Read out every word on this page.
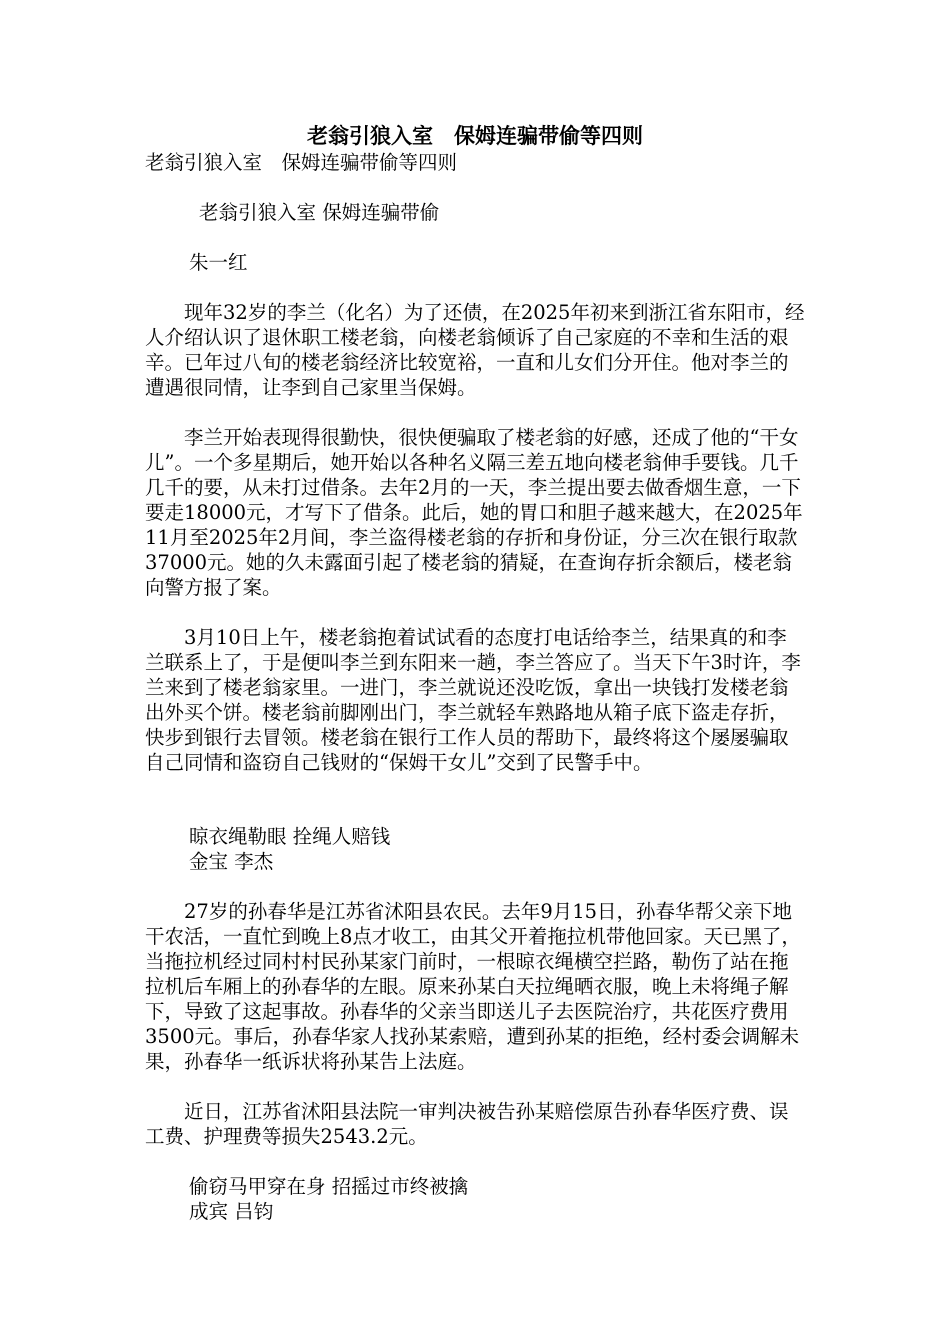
老翁引狼入室　保姆连骗带偷等四则
老翁引狼入室　保姆连骗带偷等四则
老翁引狼入室 保姆连骗带偷
朱一红

现年32岁的李兰（化名）为了还债，在2025年初来到浙江省东阳市，经人介绍认识了退休职工楼老翁，向楼老翁倾诉了自己家庭的不幸和生活的艰辛。已年过八旬的楼老翁经济比较宽裕，一直和儿女们分开住。他对李兰的遭遇很同情，让李到自己家里当保姆。

李兰开始表现得很勤快，很快便骗取了楼老翁的好感，还成了他的“干女儿”。一个多星期后，她开始以各种名义隔三差五地向楼老翁伸手要钱。几千几千的要，从未打过借条。去年2月的一天，李兰提出要去做香烟生意，一下要走18000元，才写下了借条。此后，她的胃口和胆子越来越大，在2025年11月至2025年2月间，李兰盗得楼老翁的存折和身份证，分三次在银行取款37000元。她的久未露面引起了楼老翁的猜疑，在查询存折余额后，楼老翁向警方报了案。

3月10日上午，楼老翁抱着试试看的态度打电话给李兰，结果真的和李兰联系上了，于是便叫李兰到东阳来一趟，李兰答应了。当天下午3时许，李兰来到了楼老翁家里。一进门，李兰就说还没吃饭，拿出一块钱打发楼老翁出外买个饼。楼老翁前脚刚出门，李兰就轻车熟路地从箱子底下盗走存折，快步到银行去冒领。楼老翁在银行工作人员的帮助下，最终将这个屡屡骗取自己同情和盗窃自己钱财的“保姆干女儿”交到了民警手中。

晾衣绳勒眼 拴绳人赔钱
金宝 李杰

27岁的孙春华是江苏省沭阳县农民。去年9月15日，孙春华帮父亲下地干农活，一直忙到晚上8点才收工，由其父开着拖拉机带他回家。天已黑了，当拖拉机经过同村村民孙某家门前时，一根晾衣绳横空拦路，勒伤了站在拖拉机后车厢上的孙春华的左眼。原来孙某白天拉绳晒衣服，晚上未将绳子解下，导致了这起事故。孙春华的父亲当即送儿子去医院治疗，共花医疗费用3500元。事后，孙春华家人找孙某索赔，遭到孙某的拒绝，经村委会调解未果，孙春华一纸诉状将孙某告上法庭。

近日，江苏省沭阳县法院一审判决被告孙某赔偿原告孙春华医疗费、误工费、护理费等损失2543.2元。

偷窃马甲穿在身 招摇过市终被擒
成宾 吕钧
